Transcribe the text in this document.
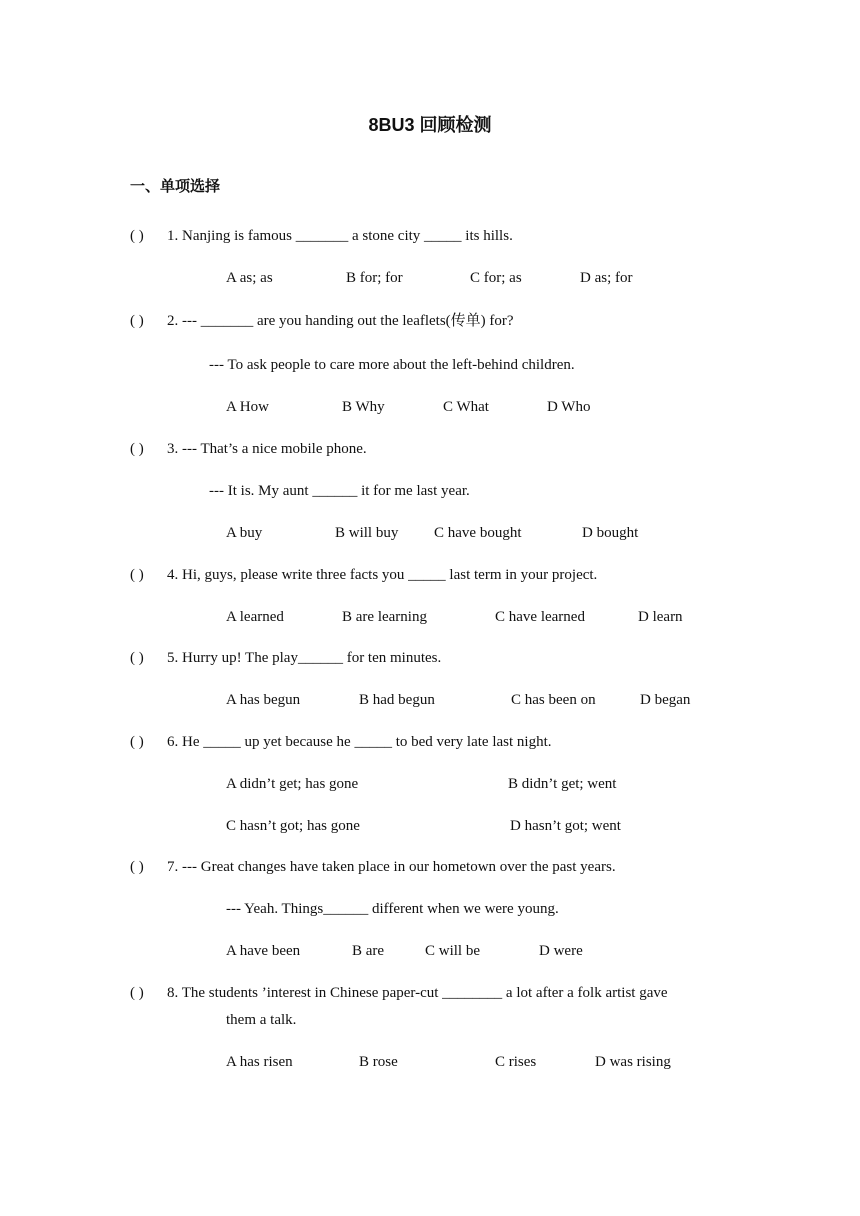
8BU3 回顾检测
一、单项选择
( ) 1. Nanjing is famous _______ a stone city _____ its hills.
A as; as	B for; for	C for; as	D as; for
( ) 2. --- _______ are you handing out the leaflets(传单) for?
--- To ask people to care more about the left-behind children.
A How	B Why	C What	D Who
( ) 3. --- That’s a nice mobile phone.
--- It is. My aunt ______ it for me last year.
A buy	B will buy C have bought	D bought
( ) 4. Hi, guys, please write three facts you _____ last term in your project.
A learned	B are learning	C have learned	D learn
( ) 5. Hurry up! The play______ for ten minutes.
A has begun	B had begun	C has been on	D began
( ) 6. He _____ up yet because he _____ to bed very late last night.
A didn’t get; has gone	B didn’t get; went
C hasn’t got; has gone	D hasn’t got; went
( ) 7. --- Great changes have taken place in our hometown over the past years.
--- Yeah. Things______ different when we were young.
A have been	B are	C will be	D were
( ) 8. The students ’interest in Chinese paper-cut ________ a lot after a folk artist gave
them a talk.
A has risen	B rose	C rises	D was rising
